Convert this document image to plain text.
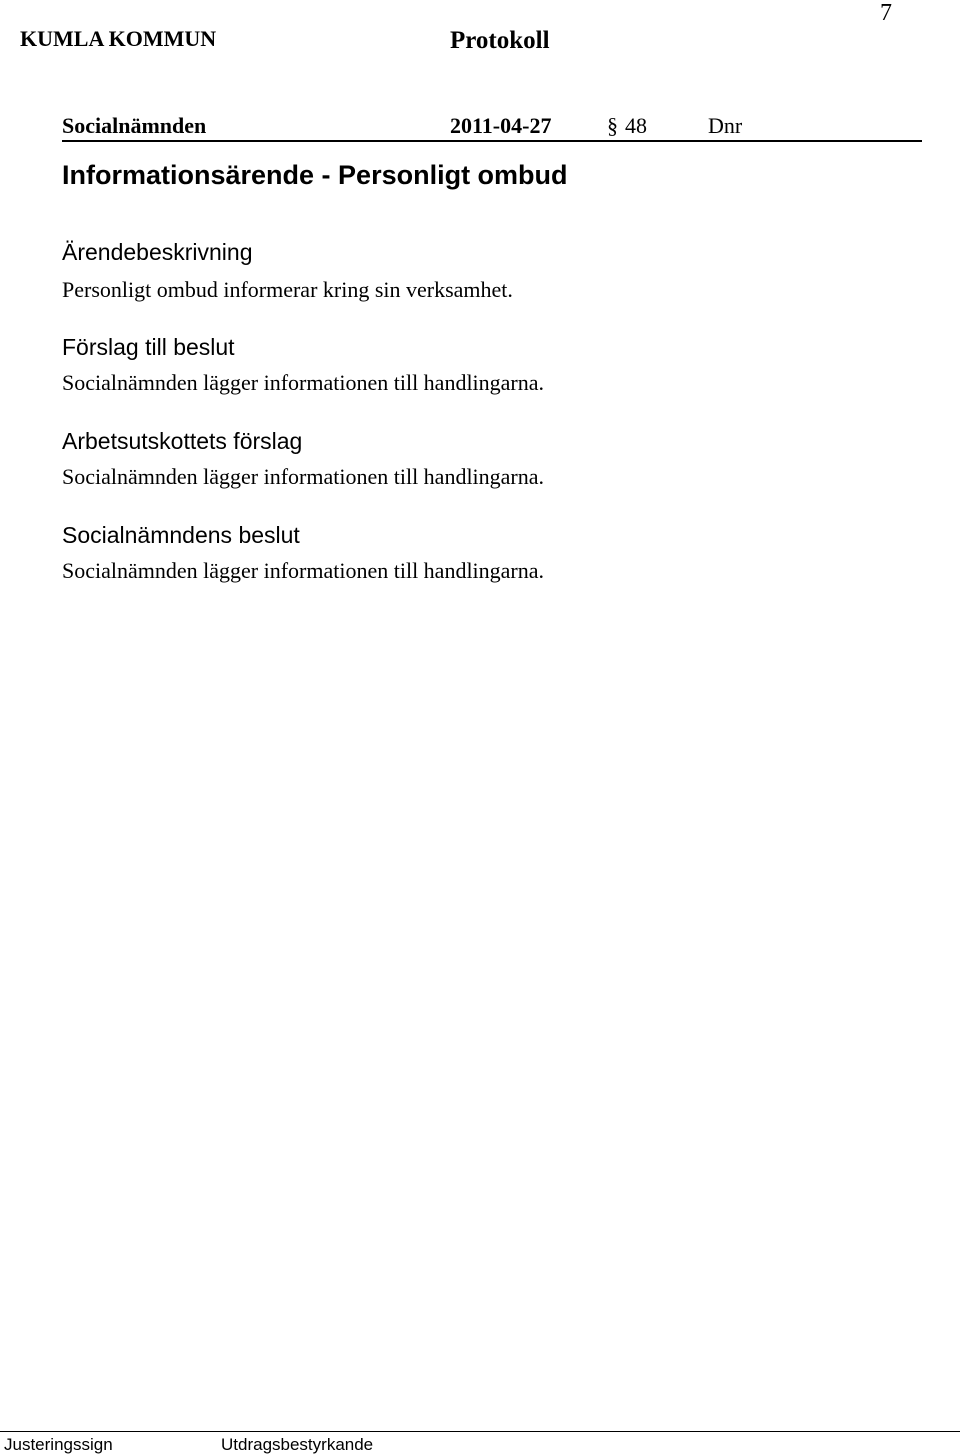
7
KUMLA KOMMUN	Protokoll
Socialnämnden	2011-04-27	§ 48	Dnr
Informationsärende - Personligt ombud
Ärendebeskrivning
Personligt ombud informerar kring sin verksamhet.
Förslag till beslut
Socialnämnden lägger informationen till handlingarna.
Arbetsutskottets förslag
Socialnämnden lägger informationen till handlingarna.
Socialnämndens beslut
Socialnämnden lägger informationen till handlingarna.
Justeringssign	Utdragsbestyrkande
